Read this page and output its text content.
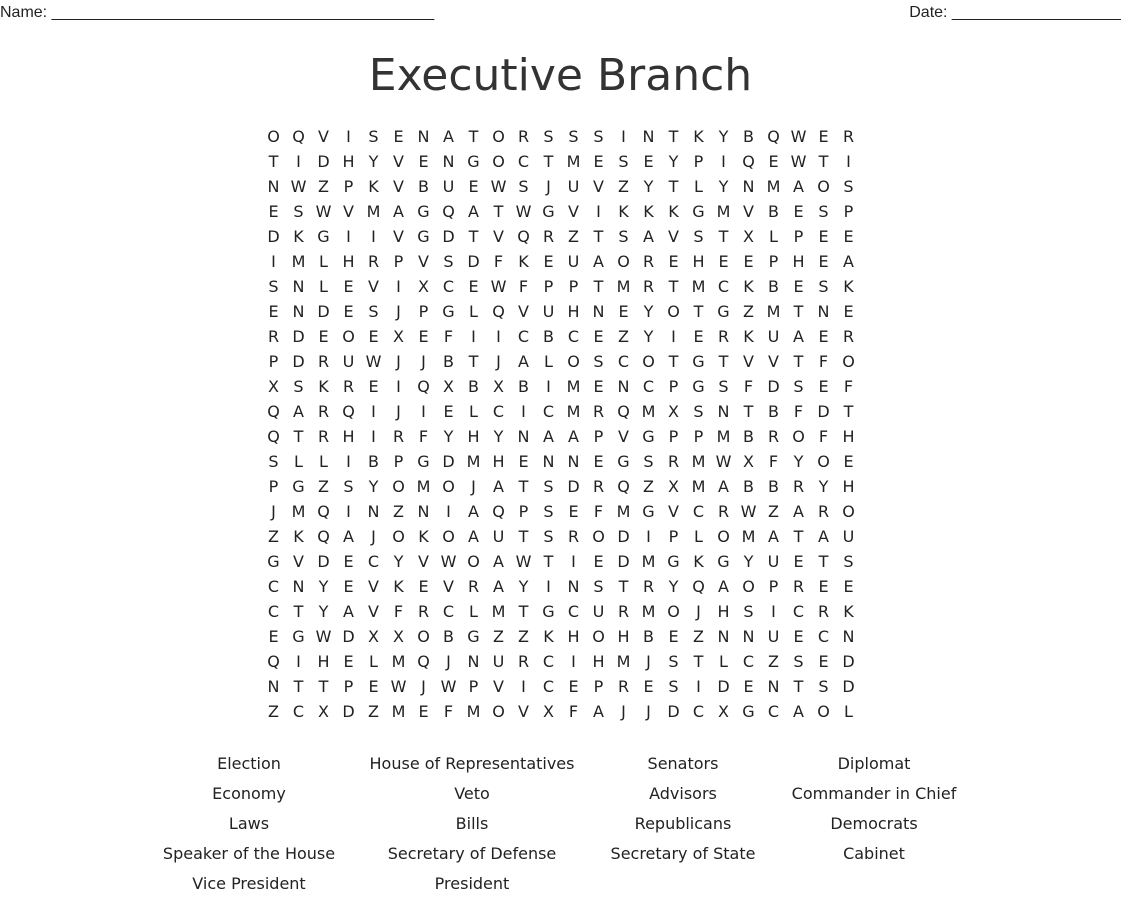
Name: ___________________________________________	Date: ___________________
Executive Branch
O Q V	I	S E N A T O R S S S	I	N T K Y B Q W E R
T	I	D H Y V E N G O C T M E S E Y P	I	Q E W T	I
N W Z P K V B U E W S	J	U V Z Y T L Y N M A O S
E S W V M A G Q A T W G V	I	K K K G M V B E S P
D K G	I	I	V G D T V Q R Z T S A V S T X L P E E
I M L H R P V S D F K E U A O R E H E E P H E A
S N L E V	I	X C E W F P P T M R T M C K B E S K
E N D E S	J	P G L Q V U H N E Y O T G Z M T N E
R D E O E X E F	I	I	C B C E Z Y	I	E R K U A E R
P D R U W J	J	B T	J	A L O S C O T G T V V T F O
X S K R E	I	Q X B X B	I M E N C P G S F D S E F
Q A R Q	I	J	I	E L C	I	C M R Q M X S N T B F D T
Q T R H	I	R F Y H Y N A A P V G P P M B R O F H
S L	L	I	B P G D M H E N N E G S R M W X F Y O E
P G Z S Y O M O	J	A T S D R Q Z X M A B B R Y H
J M Q	I	N Z N	I	A Q P S E F M G V C R W Z A R O
Z K Q A	J	O K O A U T S R O D	I	P L O M A T A U
G V D E C Y V W O A W T	I	E D M G K G Y U E T S
C N Y E V K E V R A Y	I	N S T R Y Q A O P R E E
C T Y A V F R C L M T G C U R M O	J	H S	I	C R K
E G W D X X O B G Z Z K H O H B E Z N N U E C N
Q	I	H E L M Q	J	N U R C	I	H M J	S T L C Z S E D
N T T P E W J W P V	I	C E P R E S	I	D E N T S D
Z C X D Z M E F M O V X F A	J	J	D C X G C A O L
Election	House of Representatives	Senators	Diplomat
Economy	Veto	Advisors	Commander in Chief
Laws	Bills	Republicans	Democrats
Speaker of the House	Secretary of Defense	Secretary of State	Cabinet
Vice President	President
